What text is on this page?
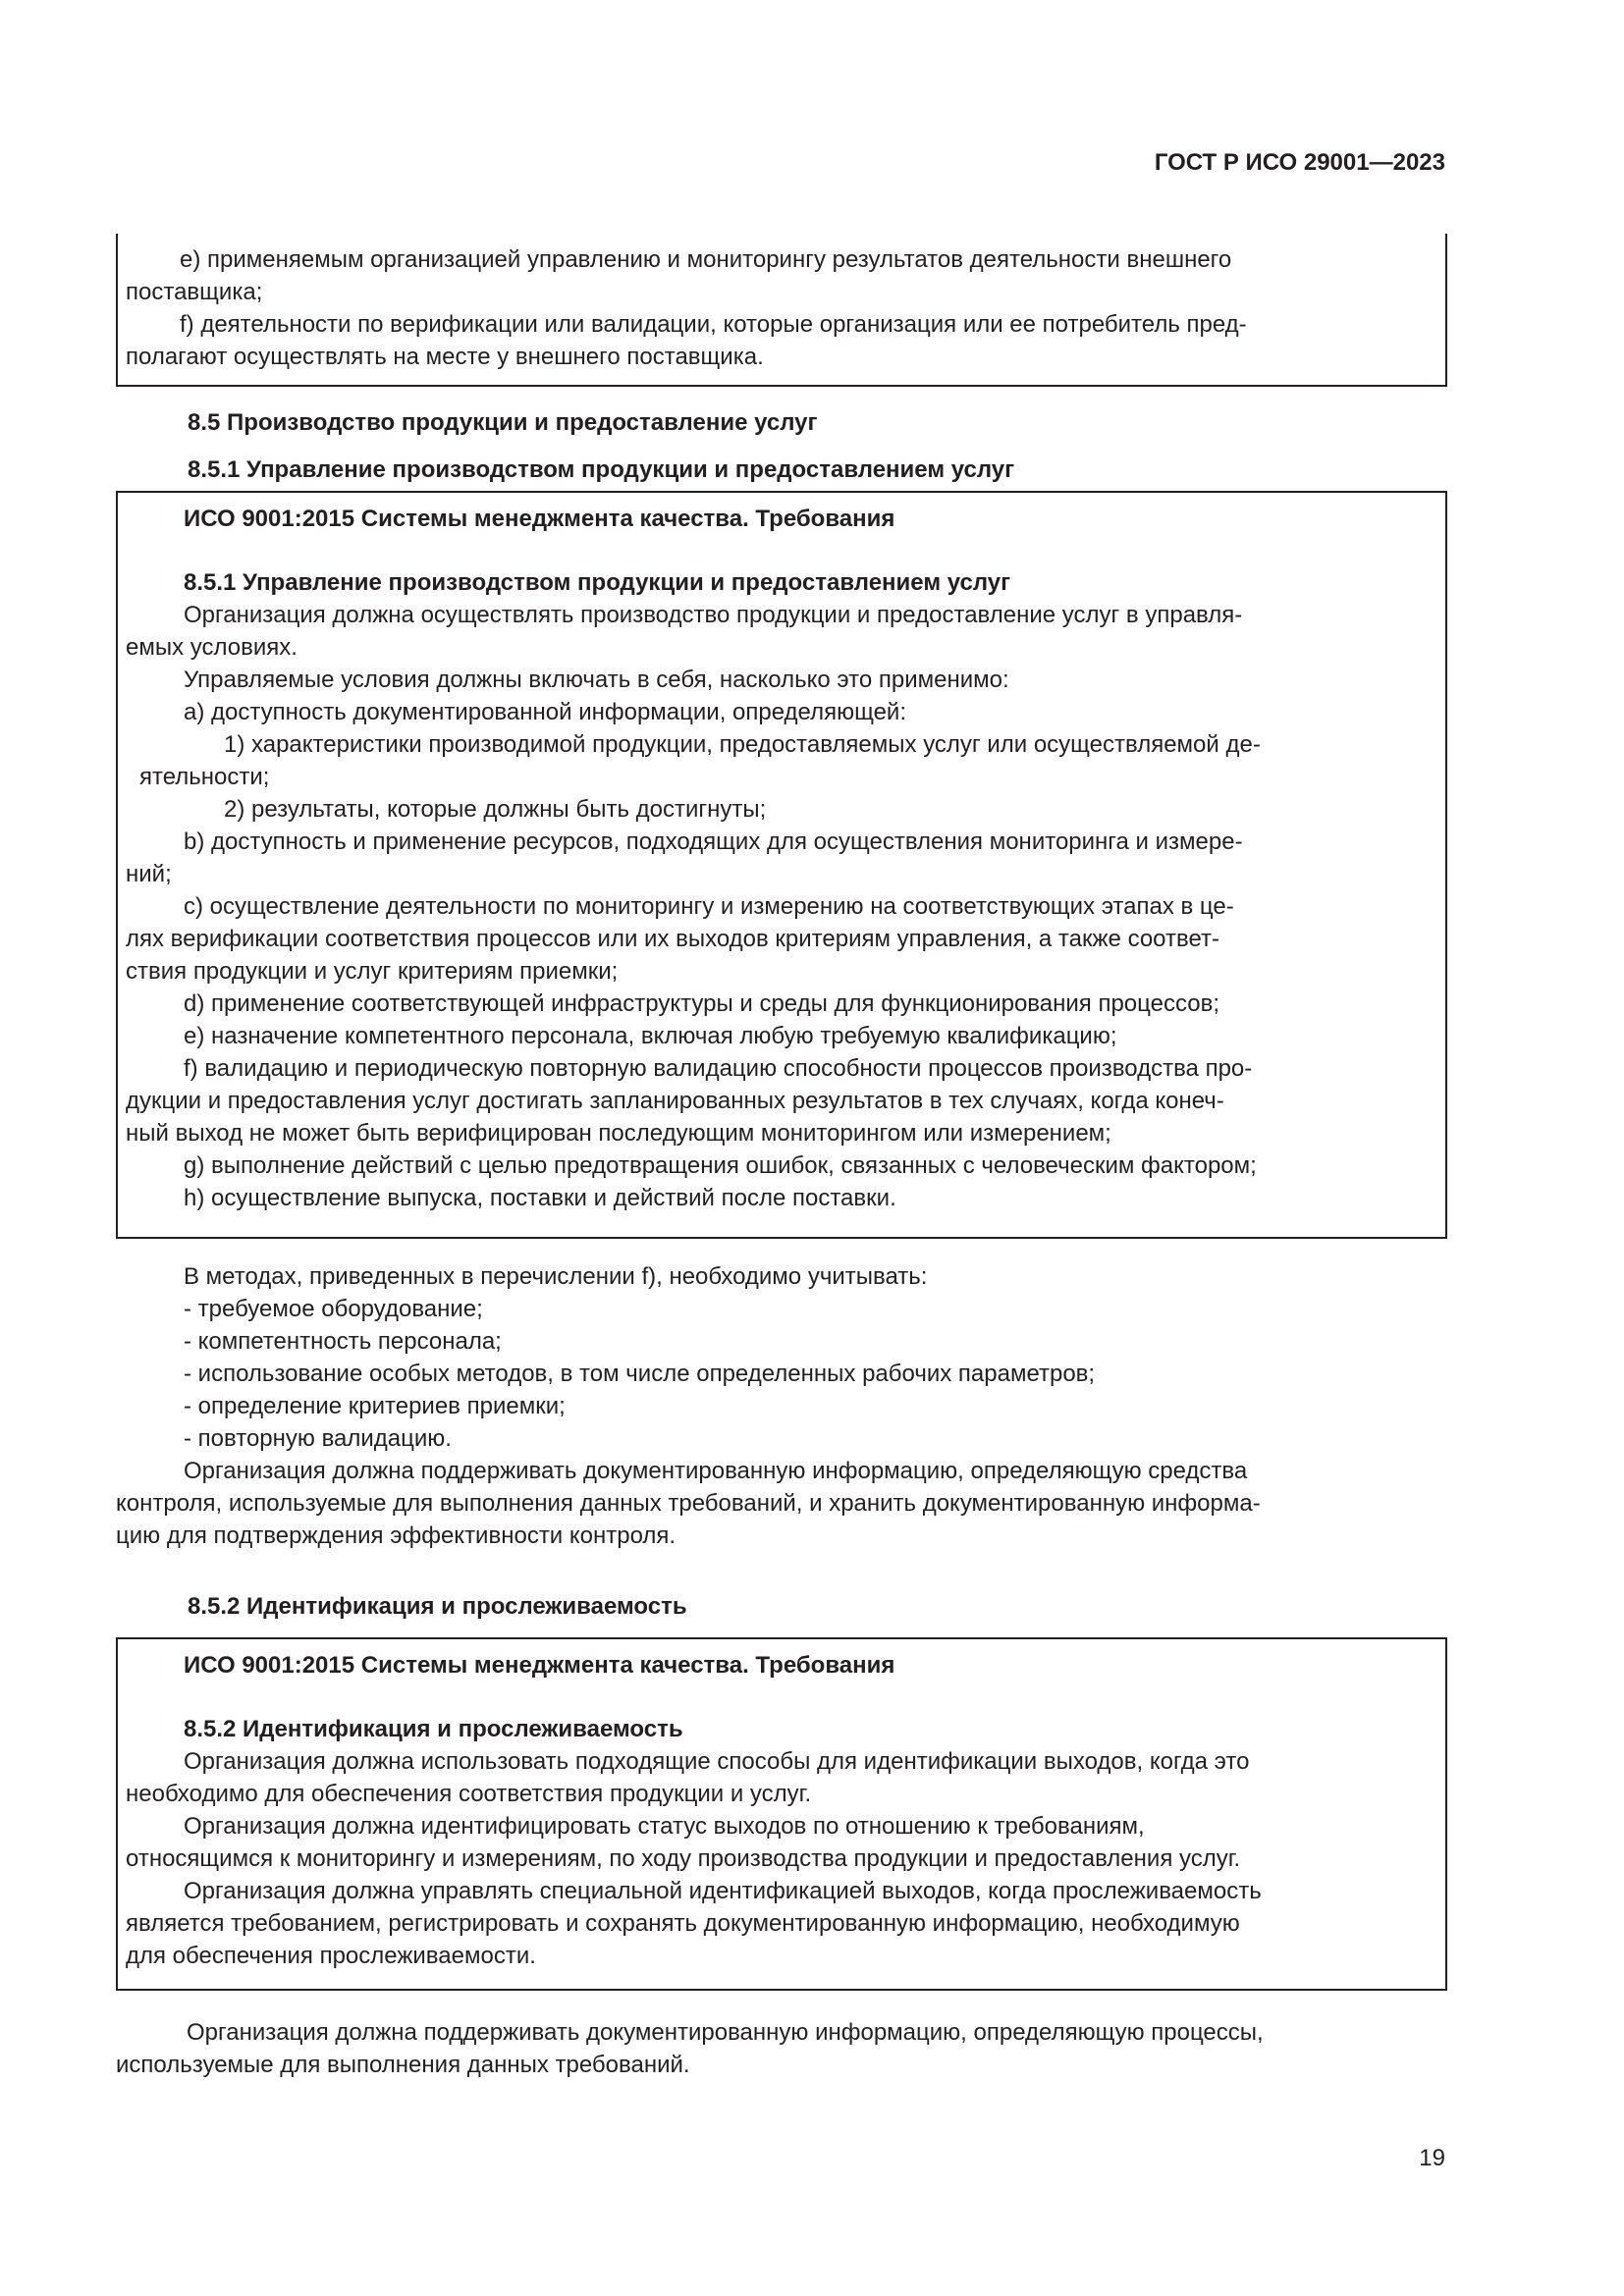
ГОСТ Р ИСО 29001—2023
e) применяемым организацией управлению и мониторингу результатов деятельности внешнего
поставщика;
f) деятельности по верификации или валидации, которые организация или ее потребитель пред-
полагают осуществлять на месте у внешнего поставщика.
8.5 Производство продукции и предоставление услуг
8.5.1 Управление производством продукции и предоставлением услуг
ИСО 9001:2015 Системы менеджмента качества. Требования
8.5.1 Управление производством продукции и предоставлением услуг
Организация должна осуществлять производство продукции и предоставление услуг в управля-
емых условиях.
Управляемые условия должны включать в себя, насколько это применимо:
a) доступность документированной информации, определяющей:
1) характеристики производимой продукции, предоставляемых услуг или осуществляемой де-
ятельности;
2) результаты, которые должны быть достигнуты;
b) доступность и применение ресурсов, подходящих для осуществления мониторинга и измере-
ний;
c) осуществление деятельности по мониторингу и измерению на соответствующих этапах в це-
лях верификации соответствия процессов или их выходов критериям управления, а также соответ-
ствия продукции и услуг критериям приемки;
d) применение соответствующей инфраструктуры и среды для функционирования процессов;
e) назначение компетентного персонала, включая любую требуемую квалификацию;
f) валидацию и периодическую повторную валидацию способности процессов производства про-
дукции и предоставления услуг достигать запланированных результатов в тех случаях, когда конеч-
ный выход не может быть верифицирован последующим мониторингом или измерением;
g) выполнение действий с целью предотвращения ошибок, связанных с человеческим фактором;
h) осуществление выпуска, поставки и действий после поставки.
В методах, приведенных в перечислении f), необходимо учитывать:
- требуемое оборудование;
- компетентность персонала;
- использование особых методов, в том числе определенных рабочих параметров;
- определение критериев приемки;
- повторную валидацию.
Организация должна поддерживать документированную информацию, определяющую средства
контроля, используемые для выполнения данных требований, и хранить документированную информа-
цию для подтверждения эффективности контроля.
8.5.2 Идентификация и прослеживаемость
ИСО 9001:2015 Системы менеджмента качества. Требования
8.5.2 Идентификация и прослеживаемость
Организация должна использовать подходящие способы для идентификации выходов, когда это
необходимо для обеспечения соответствия продукции и услуг.
Организация должна идентифицировать статус выходов по отношению к требованиям,
относящимся к мониторингу и измерениям, по ходу производства продукции и предоставления услуг.
Организация должна управлять специальной идентификацией выходов, когда прослеживаемость
является требованием, регистрировать и сохранять документированную информацию, необходимую
для обеспечения прослеживаемости.
Организация должна поддерживать документированную информацию, определяющую процессы,
используемые для выполнения данных требований.
19
